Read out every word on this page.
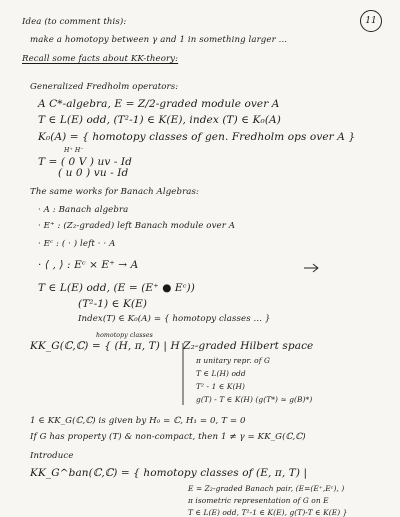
11
Idea (to comment this):
make a homotopy between γ and 1 in something larger ...
Recall some facts about KK-theory:
Generalized Fredholm operators:
A C*-algebra, E = Z/2-graded module over A
T ∈ L(E) odd, (T²-1) ∈ K(E), index (T) ∈ K₀(A)
K₀(A) = { homotopy classes of gen. Fredholm ops over A }
H⁺ H⁻
T = ( 0 V ) uv - Id
( u 0 ) vu - Id
The same works for Banach Algebras:
· A : Banach algebra
· E⁺ : (Z₂-graded) left Banach module over A
· Eᶜ : ( · ) left · · A
· ⟨ , ⟩ : Eᶜ × E⁺ → A
T ∈ L(E) odd, (E = (E⁺ ● Eᶜ))
(T²-1) ∈ K(E)
Index(T) ∈ K₀(A) = { homotopy classes ... }
homotopy classes
KK_G(ℂ,ℂ) = { (H, π, T) | H Z₂-graded Hilbert space
π unitary repr. of G
T ∈ L(H) odd
T² - 1 ∈ K(H)
g(T) - T ∈ K(H) (g(T*) ≈ g(B)*)
1 ∈ KK_G(ℂ,ℂ) is given by H₀ = ℂ, H₁ = 0, T = 0
If G has property (T) & non-compact, then 1 ≠ γ = KK_G(ℂ,ℂ)
Introduce
KK_G^ban(ℂ,ℂ) = { homotopy classes of (E, π, T) |
E = Z₂-graded Banach pair, (E=(E⁺,Eᶜ), )
π isometric representation of G on E
T ∈ L(E) odd, T²-1 ∈ K(E), g(T)-T ∈ K(E) }
